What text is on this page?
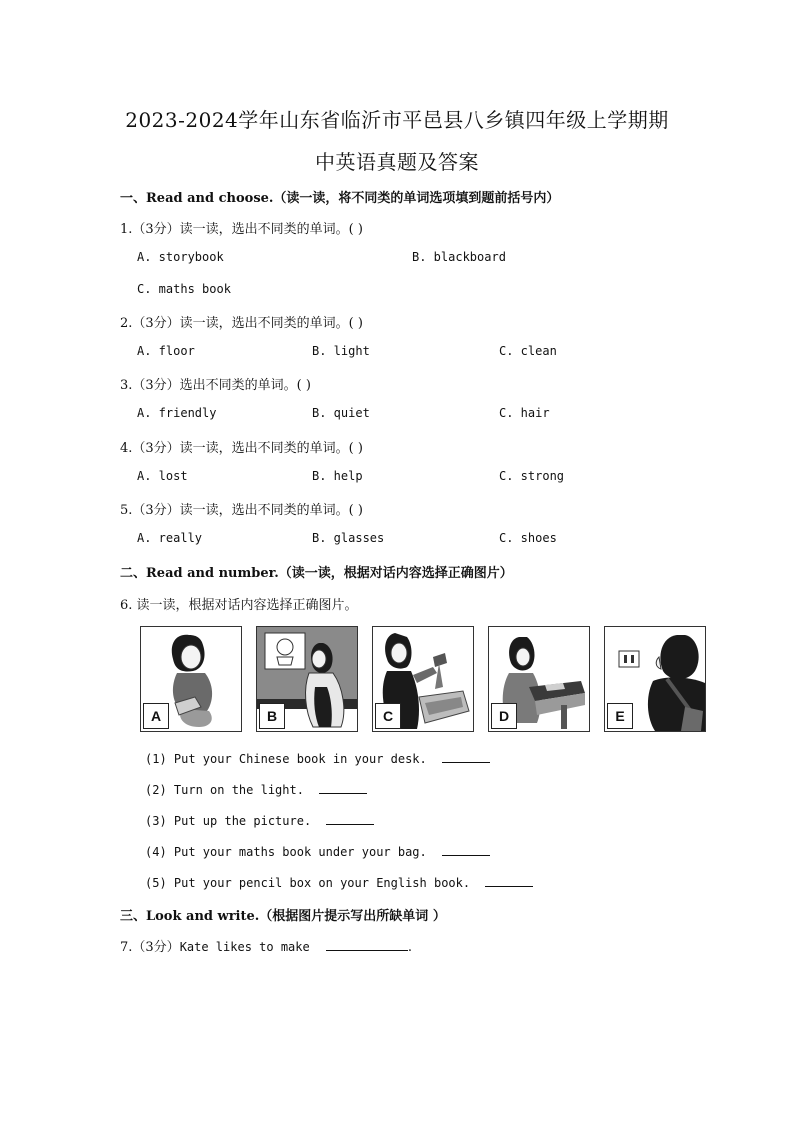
2023-2024学年山东省临沂市平邑县八乡镇四年级上学期期
中英语真题及答案
一、Read and choose.（读一读，将不同类的单词选项填到题前括号内）
1.（3分）读一读，选出不同类的单词。( )
A. storybook	B. blackboard
C. maths book
2.（3分）读一读，选出不同类的单词。( )
A. floor	B. light	C. clean
3.（3分）选出不同类的单词。( )
A. friendly	B. quiet	C. hair
4.（3分）读一读，选出不同类的单词。( )
A. lost	B. help	C. strong
5.（3分）读一读，选出不同类的单词。( )
A. really	B. glasses	C. shoes
二、Read and number.（读一读，根据对话内容选择正确图片）
6. 读一读，根据对话内容选择正确图片。
A	B	C	D	E
(1) Put your Chinese book in your desk.
(2) Turn on the light.
(3) Put up the picture.
(4) Put your maths book under your bag.
(5) Put your pencil box on your English book.
三、Look and write.（根据图片提示写出所缺单词 ）
7.（3分）Kate likes to make	.
